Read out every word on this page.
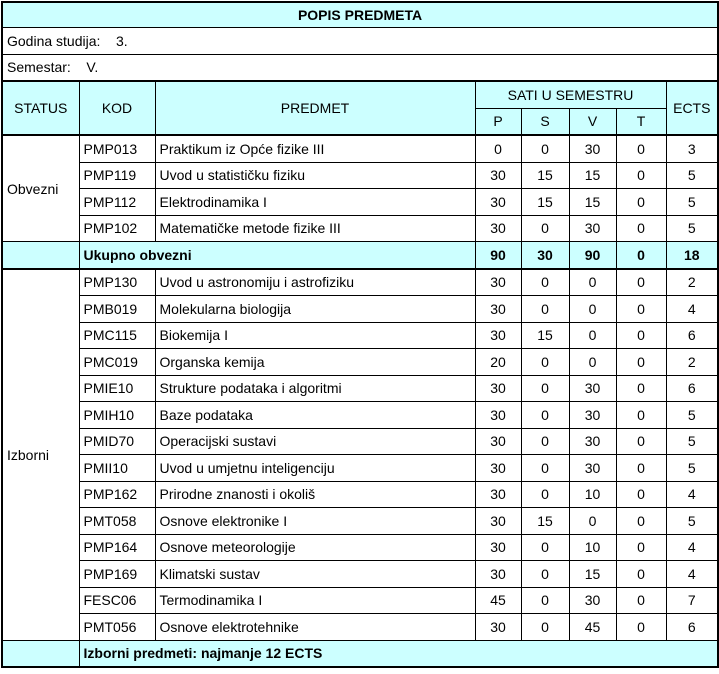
POPIS PREDMETA							
Godina studija: 3.							
Semestar: V.							
STATUS	KOD	PREDMET	SATI U SEMESTRU				ECTS
			P	S	V	T	
Obvezni	PMP013	Praktikum iz Opće fizike III	0	0	30	0	3
	PMP119	Uvod u statističku fiziku	30	15	15	0	5
	PMP112	Elektrodinamika I	30	15	15	0	5
	PMP102	Matematičke metode fizike III	30	0	30	0	5
	Ukupno obvezni		90	30	90	0	18
Izborni	PMP130	Uvod u astronomiju i astrofiziku	30	0	0	0	2
	PMB019	Molekularna biologija	30	0	0	0	4
	PMC115	Biokemija I	30	15	0	0	6
	PMC019	Organska kemija	20	0	0	0	2
	PMIE10	Strukture podataka i algoritmi	30	0	30	0	6
	PMIH10	Baze podataka	30	0	30	0	5
	PMID70	Operacijski sustavi	30	0	30	0	5
	PMII10	Uvod u umjetnu inteligenciju	30	0	30	0	5
	PMP162	Prirodne znanosti i okoliš	30	0	10	0	4
	PMT058	Osnove elektronike I	30	15	0	0	5
	PMP164	Osnove meteorologije	30	0	10	0	4
	PMP169	Klimatski sustav	30	0	15	0	4
	FESC06	Termodinamika I	45	0	30	0	7
	PMT056	Osnove elektrotehnike	30	0	45	0	6
	Izborni predmeti: najmanje 12 ECTS						
